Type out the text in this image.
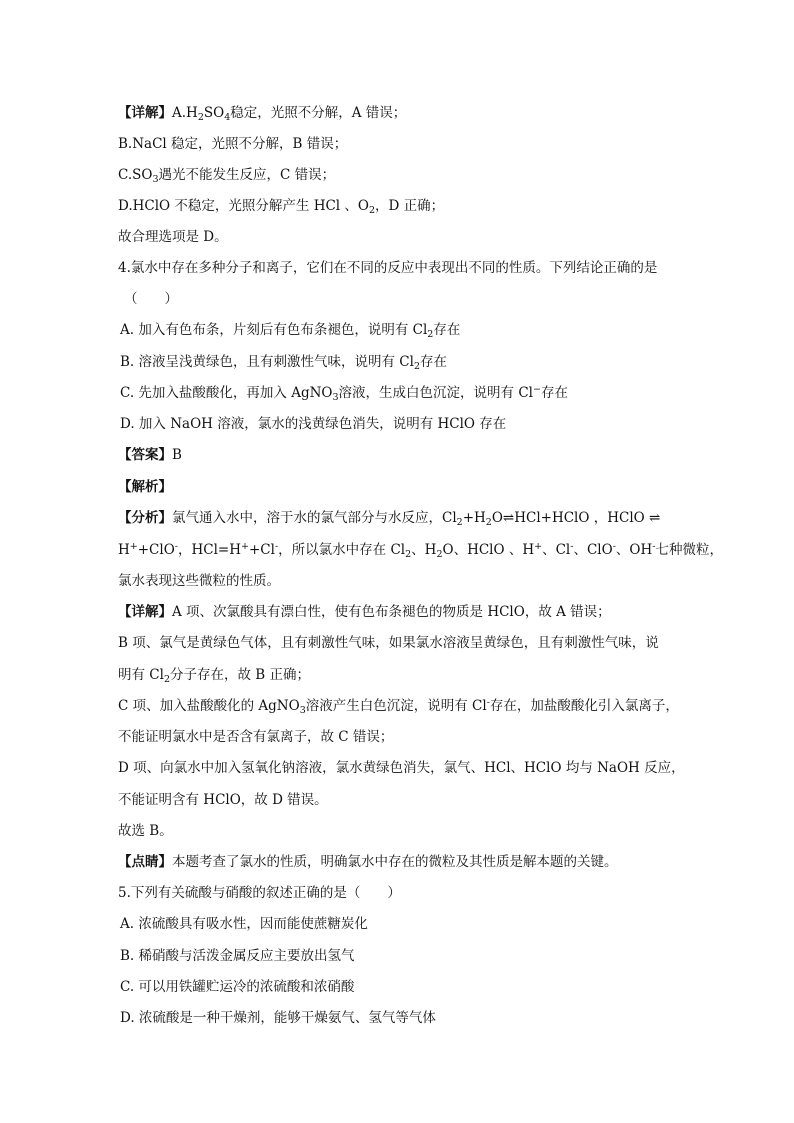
【详解】$A.H_2SO_4$稳定，光照不分解，A 错误；
B.NaCl 稳定，光照不分解，B 错误；
$C.SO_3$遇光不能发生反应，C 错误；
D.HClO 不稳定，光照分解产生 HCl 、$O_2$，D 正确；
故合理选项是 D。
4.氯水中存在多种分子和离子，它们在不同的反应中表现出不同的性质。下列结论正确的是
（　　）
A. 加入有色布条，片刻后有色布条褪色，说明有 $Cl_2$存在
B. 溶液呈浅黄绿色，且有刺激性气味，说明有 $Cl_2$存在
C. 先加入盐酸酸化，再加入 AgNO$_3$溶液，生成白色沉淀，说明有 Cl−存在
D. 加入 NaOH 溶液，氯水的浅黄绿色消失，说明有 HClO 存在
【答案】B
【解析】
【分析】氯气通入水中，溶于水的氯气部分与水反应，$Cl_2+H_2O\rightleftharpoons HCl+HClO$ ，HClO ⇌
H++ClO-，HCl=H++Cl-，所以氯水中存在 $Cl_2$、$H_2O$、HClO 、H+、Cl-、ClO-、OH-七种微粒，
氯水表现这些微粒的性质。
【详解】A 项、次氯酸具有漂白性，使有色布条褪色的物质是 HClO，故 A 错误；
B 项、氯气是黄绿色气体，且有刺激性气味，如果氯水溶液呈黄绿色，且有刺激性气味，说
明有 $Cl_2$分子存在，故 B 正确；
C 项、加入盐酸酸化的 AgNO$_3$溶液产生白色沉淀，说明有 Cl-存在，加盐酸酸化引入氯离子，
不能证明氯水中是否含有氯离子，故 C 错误；
D 项、向氯水中加入氢氧化钠溶液，氯水黄绿色消失，氯气、HCl、HClO 均与 NaOH 反应，
不能证明含有 HClO，故 D 错误。
故选 B。
【点睛】本题考查了氯水的性质，明确氯水中存在的微粒及其性质是解本题的关键。
5.下列有关硫酸与硝酸的叙述正确的是（　　）
A. 浓硫酸具有吸水性，因而能使蔗糖炭化
B. 稀硝酸与活泼金属反应主要放出氢气
C. 可以用铁罐贮运冷的浓硫酸和浓硝酸
D. 浓硫酸是一种干燥剂，能够干燥氨气、氢气等气体
